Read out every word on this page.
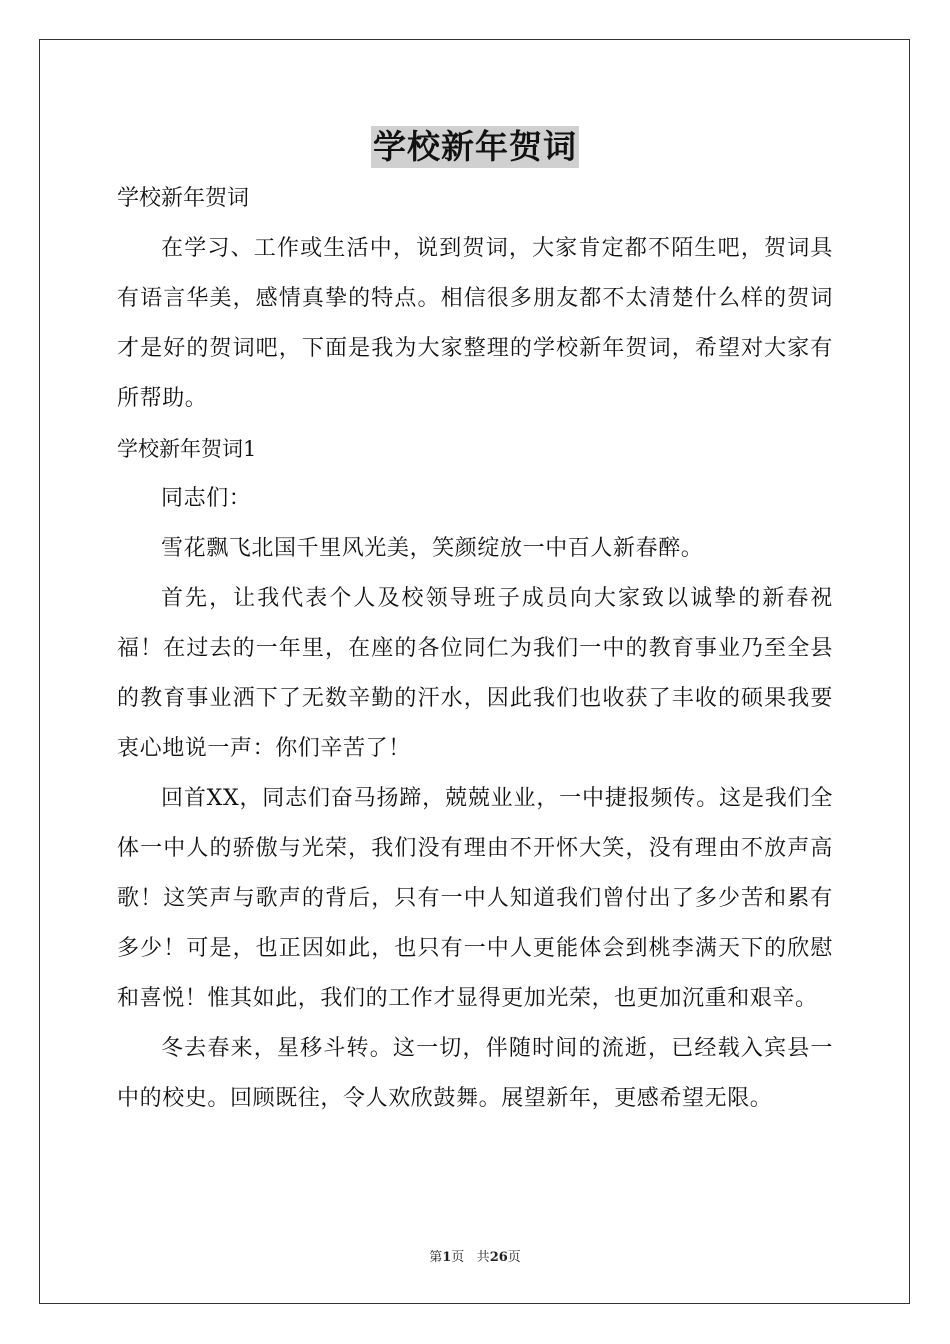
学校新年贺词

学校新年贺词

在学习、工作或生活中，说到贺词，大家肯定都不陌生吧，贺词具有语言华美，感情真挚的特点。相信很多朋友都不太清楚什么样的贺词才是好的贺词吧，下面是我为大家整理的学校新年贺词，希望对大家有所帮助。

学校新年贺词1

同志们：

雪花飘飞北国千里风光美，笑颜绽放一中百人新春醉。

首先，让我代表个人及校领导班子成员向大家致以诚挚的新春祝福！在过去的一年里，在座的各位同仁为我们一中的教育事业乃至全县的教育事业洒下了无数辛勤的汗水，因此我们也收获了丰收的硕果我要衷心地说一声：你们辛苦了！

回首XX，同志们奋马扬蹄，兢兢业业，一中捷报频传。这是我们全体一中人的骄傲与光荣，我们没有理由不开怀大笑，没有理由不放声高歌！这笑声与歌声的背后，只有一中人知道我们曾付出了多少苦和累有多少！可是，也正因如此，也只有一中人更能体会到桃李满天下的欣慰和喜悦！惟其如此，我们的工作才显得更加光荣，也更加沉重和艰辛。

冬去春来，星移斗转。这一切，伴随时间的流逝，已经载入宾县一中的校史。回顾既往，令人欢欣鼓舞。展望新年，更感希望无限。

第1页 共26页
